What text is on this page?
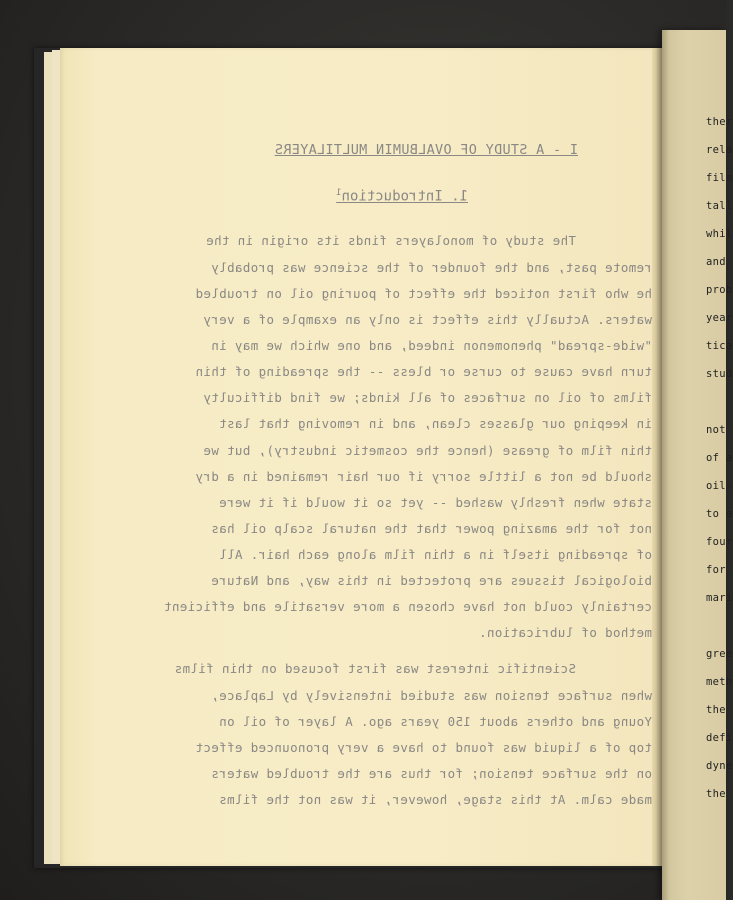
I - A STUDY OF OVALBUMIN MULTILAYERS
1. Introduction$^1$
The study of monolayers finds its origin in the
remote past, and the founder of the science was probably
he who first noticed the effect of pouring oil on troubled
waters. Actually this effect is only an example of a very
"wide-spread" phenomenon indeed, and one which we may in
turn have cause to curse or bless -- the spreading of thin
films of oil on surfaces of all kinds; we find difficulty
in keeping our glasses clean, and in removing that last
thin film of grease (hence the cosmetic industry), but we
should be not a little sorry if our hair remained in a dry
state when freshly washed -- yet so it would if it were
not for the amazing power that the natural scalp oil has
of spreading itself in a thin film along each hair. All
biological tissues are protected in this way, and Nature
certainly could not have chosen a more versatile and efficient
method of lubrication.
Scientific interest was first focused on thin films
when surface tension was studied intensively by Laplace,
Young and others about 150 years ago. A layer of oil on
top of a liquid was found to have a very pronounced effect
on the surface tension; for thus are the troubled waters
made calm. At this stage, however, it was not the films
ther
rela
film
tall
whil
and
prob
year
tica
stud
not
of a
oil-
to e
four
for
mari
gree
meth
the
defi
dyne
the
